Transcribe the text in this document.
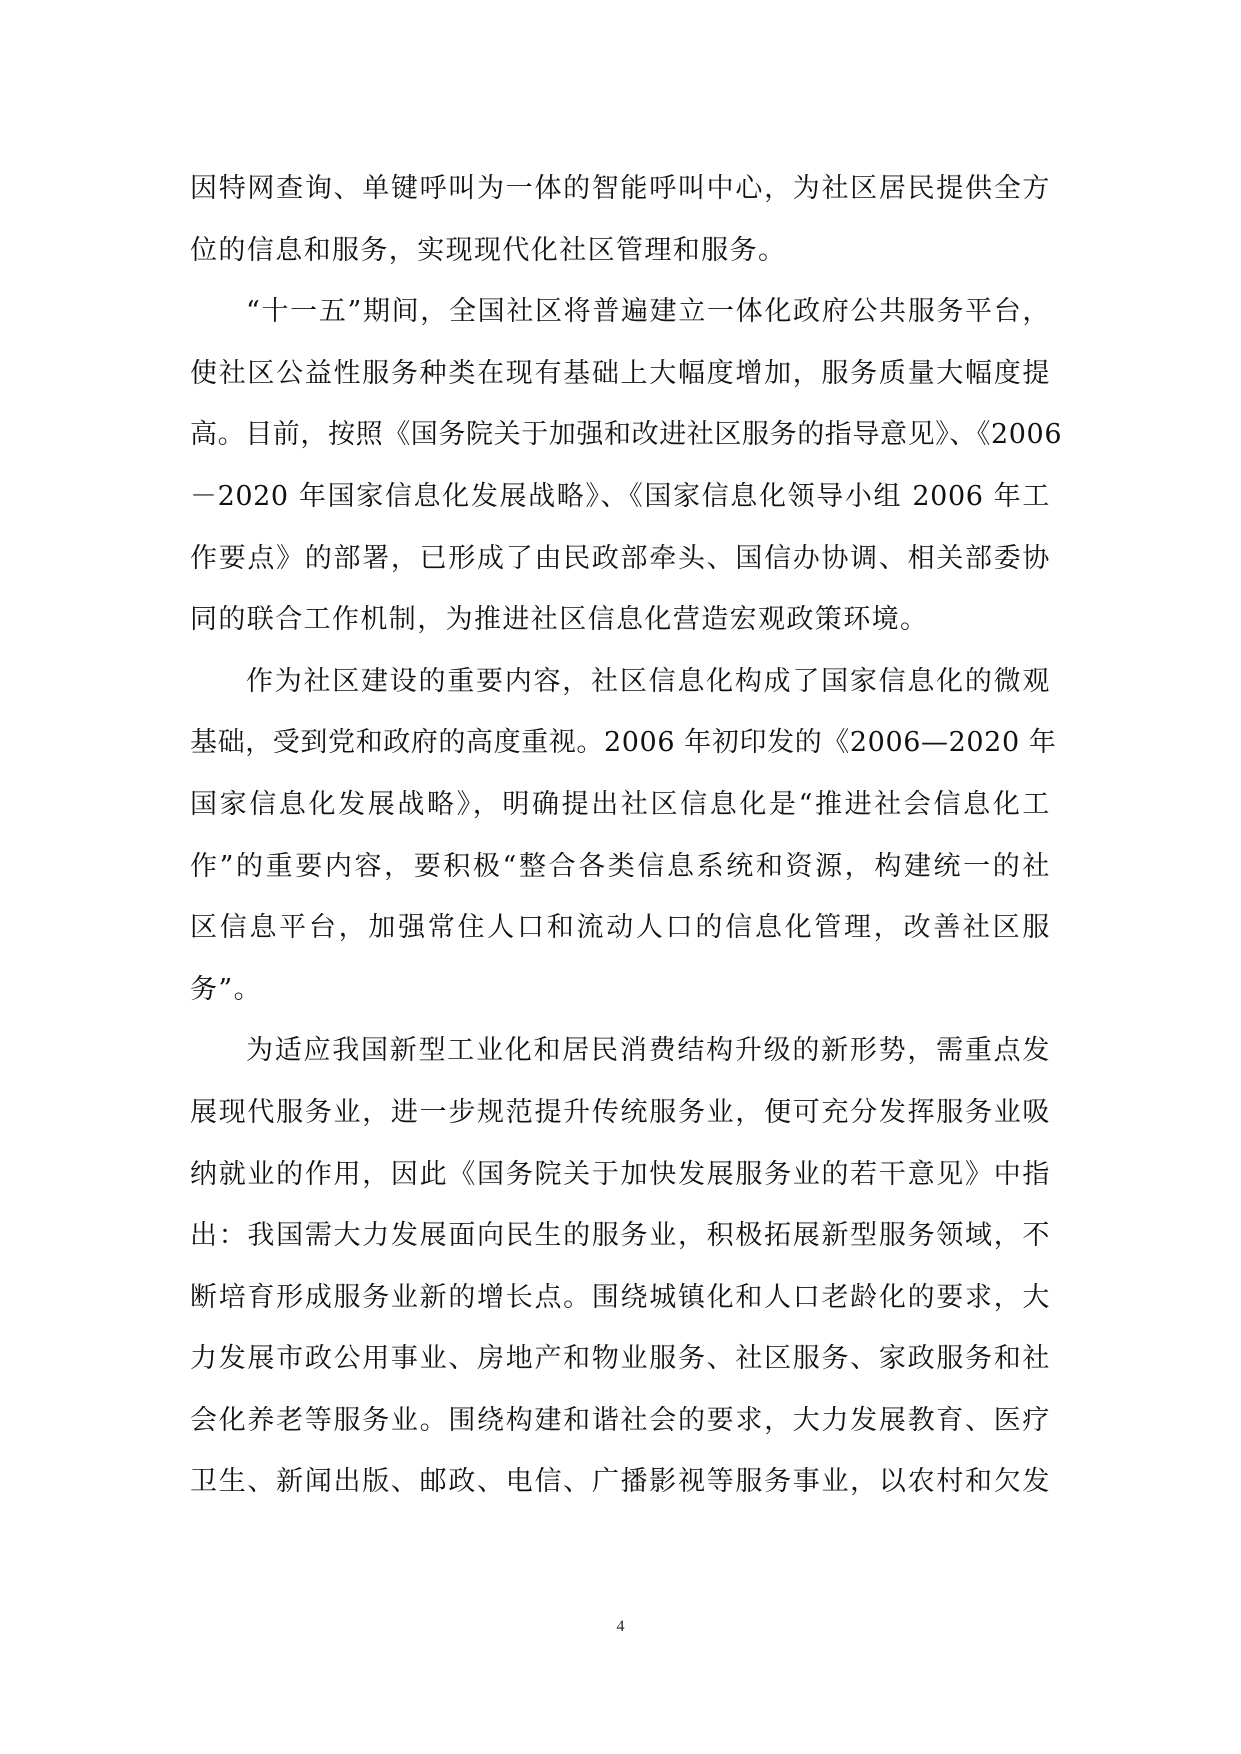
因特网查询、单键呼叫为一体的智能呼叫中心，为社区居民提供全方
位的信息和服务，实现现代化社区管理和服务。
“十一五”期间，全国社区将普遍建立一体化政府公共服务平台，
使社区公益性服务种类在现有基础上大幅度增加，服务质量大幅度提
高。目前，按照《国务院关于加强和改进社区服务的指导意见》、《2006
－2020 年国家信息化发展战略》、《国家信息化领导小组 2006 年工
作要点》的部署，已形成了由民政部牵头、国信办协调、相关部委协
同的联合工作机制，为推进社区信息化营造宏观政策环境。
作为社区建设的重要内容，社区信息化构成了国家信息化的微观
基础，受到党和政府的高度重视。2006 年初印发的《2006—2020 年
国家信息化发展战略》，明确提出社区信息化是“推进社会信息化工
作”的重要内容，要积极“整合各类信息系统和资源，构建统一的社
区信息平台，加强常住人口和流动人口的信息化管理，改善社区服
务”。
为适应我国新型工业化和居民消费结构升级的新形势，需重点发
展现代服务业，进一步规范提升传统服务业，便可充分发挥服务业吸
纳就业的作用，因此《国务院关于加快发展服务业的若干意见》中指
出：我国需大力发展面向民生的服务业，积极拓展新型服务领域，不
断培育形成服务业新的增长点。围绕城镇化和人口老龄化的要求，大
力发展市政公用事业、房地产和物业服务、社区服务、家政服务和社
会化养老等服务业。围绕构建和谐社会的要求，大力发展教育、医疗
卫生、新闻出版、邮政、电信、广播影视等服务事业，以农村和欠发
4
